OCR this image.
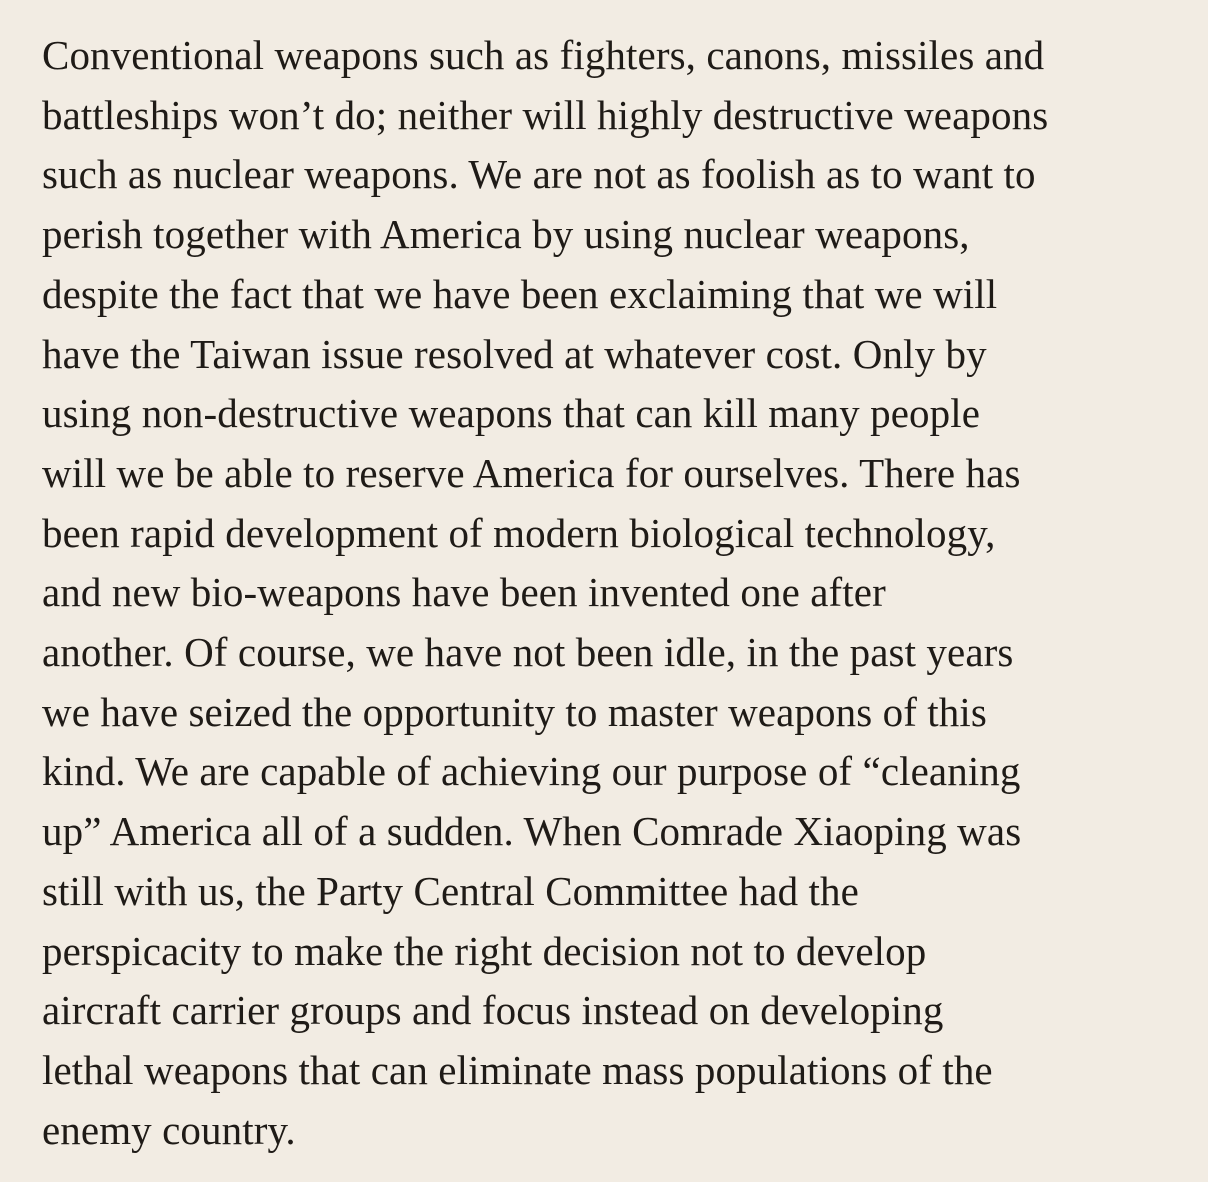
Conventional weapons such as fighters, canons, missiles and
battleships won’t do; neither will highly destructive weapons
such as nuclear weapons. We are not as foolish as to want to
perish together with America by using nuclear weapons,
despite the fact that we have been exclaiming that we will
have the Taiwan issue resolved at whatever cost. Only by
using non-destructive weapons that can kill many people
will we be able to reserve America for ourselves. There has
been rapid development of modern biological technology,
and new bio-weapons have been invented one after
another. Of course, we have not been idle, in the past years
we have seized the opportunity to master weapons of this
kind. We are capable of achieving our purpose of “cleaning
up” America all of a sudden. When Comrade Xiaoping was
still with us, the Party Central Committee had the
perspicacity to make the right decision not to develop
aircraft carrier groups and focus instead on developing
lethal weapons that can eliminate mass populations of the
enemy country.
